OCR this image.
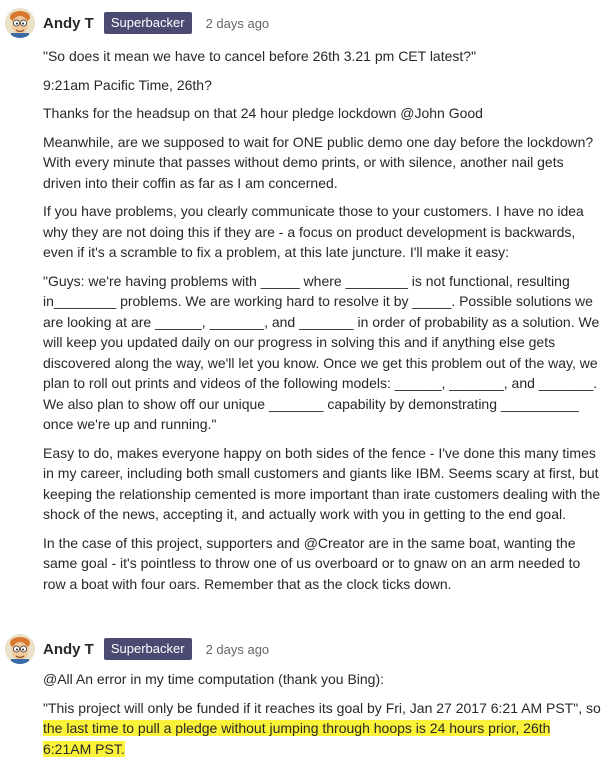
Andy T	Superbacker	2 days ago

"So does it mean we have to cancel before 26th 3.21 pm CET latest?"

9:21am Pacific Time, 26th?

Thanks for the headsup on that 24 hour pledge lockdown @John Good

Meanwhile, are we supposed to wait for ONE public demo one day before the lockdown? With every minute that passes without demo prints, or with silence, another nail gets driven into their coffin as far as I am concerned.

If you have problems, you clearly communicate those to your customers. I have no idea why they are not doing this if they are - a focus on product development is backwards, even if it's a scramble to fix a problem, at this late juncture. I'll make it easy:

"Guys: we're having problems with _____ where ________ is not functional, resulting in________ problems. We are working hard to resolve it by _____. Possible solutions we are looking at are ______, _______, and _______ in order of probability as a solution. We will keep you updated daily on our progress in solving this and if anything else gets discovered along the way, we'll let you know. Once we get this problem out of the way, we plan to roll out prints and videos of the following models: ______, _______, and _______. We also plan to show off our unique _______ capability by demonstrating __________ once we're up and running."

Easy to do, makes everyone happy on both sides of the fence - I've done this many times in my career, including both small customers and giants like IBM. Seems scary at first, but keeping the relationship cemented is more important than irate customers dealing with the shock of the news, accepting it, and actually work with you in getting to the end goal.

In the case of this project, supporters and @Creator are in the same boat, wanting the same goal - it's pointless to throw one of us overboard or to gnaw on an arm needed to row a boat with four oars. Remember that as the clock ticks down.

Andy T	Superbacker	2 days ago

@All An error in my time computation (thank you Bing):

"This project will only be funded if it reaches its goal by Fri, Jan 27 2017 6:21 AM PST", so the last time to pull a pledge without jumping through hoops is 24 hours prior, 26th 6:21AM PST.
